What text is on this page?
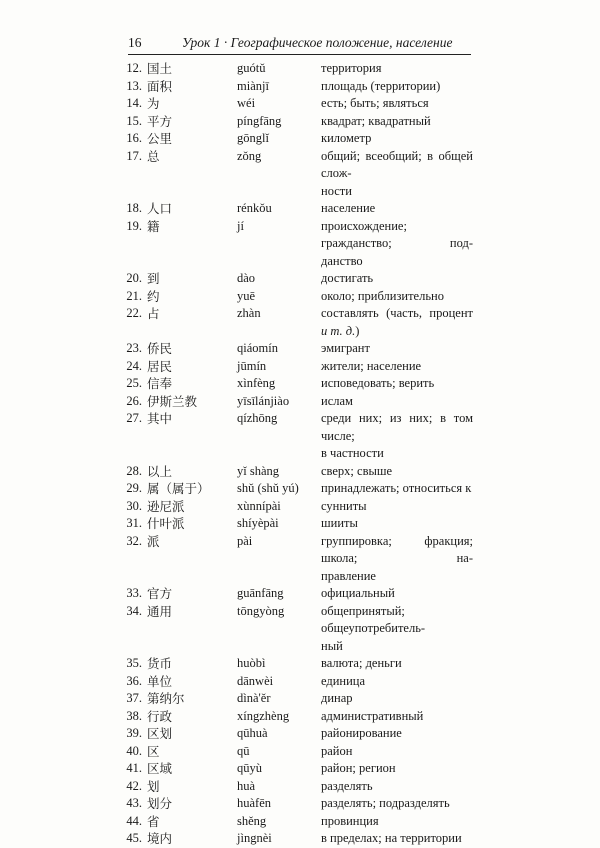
16	Урок 1 · Географическое положение, население
12. 国土	guótǔ	территория
13. 面积	miànjī	площадь (территории)
14. 为	wéi	есть; быть; являться
15. 平方	píngfāng	квадрат; квадратный
16. 公里	gōnglǐ	километр
17. 总	zǒng	общий; всеобщий; в общей слож-
ности
18. 人口	rénkǒu	население
19. 籍	jí	происхождение; гражданство; под-
данство
20. 到	dào	достигать
21. 约	yuē	около; приблизительно
22. 占	zhàn	составлять (часть, процент и т. д.)
23. 侨民	qiáomín	эмигрант
24. 居民	jūmín	жители; население
25. 信奉	xìnfèng	исповедовать; верить
26. 伊斯兰教	yīsīlánjiào	ислам
27. 其中	qízhōng	среди них; из них; в том числе;
в частности
28. 以上	yǐ shàng	сверх; свыше
29. 属（属于）	shǔ (shǔ yú)	принадлежать; относиться к
30. 逊尼派	xùnnípài	сунниты
31. 什叶派	shíyèpài	шииты
32. 派	pài	группировка; фракция; школа; на-
правление
33. 官方	guānfāng	официальный
34. 通用	tōngyòng	общепринятый; общеупотребитель-
ный
35. 货币	huòbì	валюта; деньги
36. 单位	dānwèi	единица
37. 第纳尔	dìnà'ěr	динар
38. 行政	xíngzhèng	административный
39. 区划	qūhuà	районирование
40. 区	qū	район
41. 区域	qūyù	район; регион
42. 划	huà	разделять
43. 划分	huàfēn	разделять; подразделять
44. 省	shěng	провинция
45. 境内	jìngnèi	в пределах; на территории
